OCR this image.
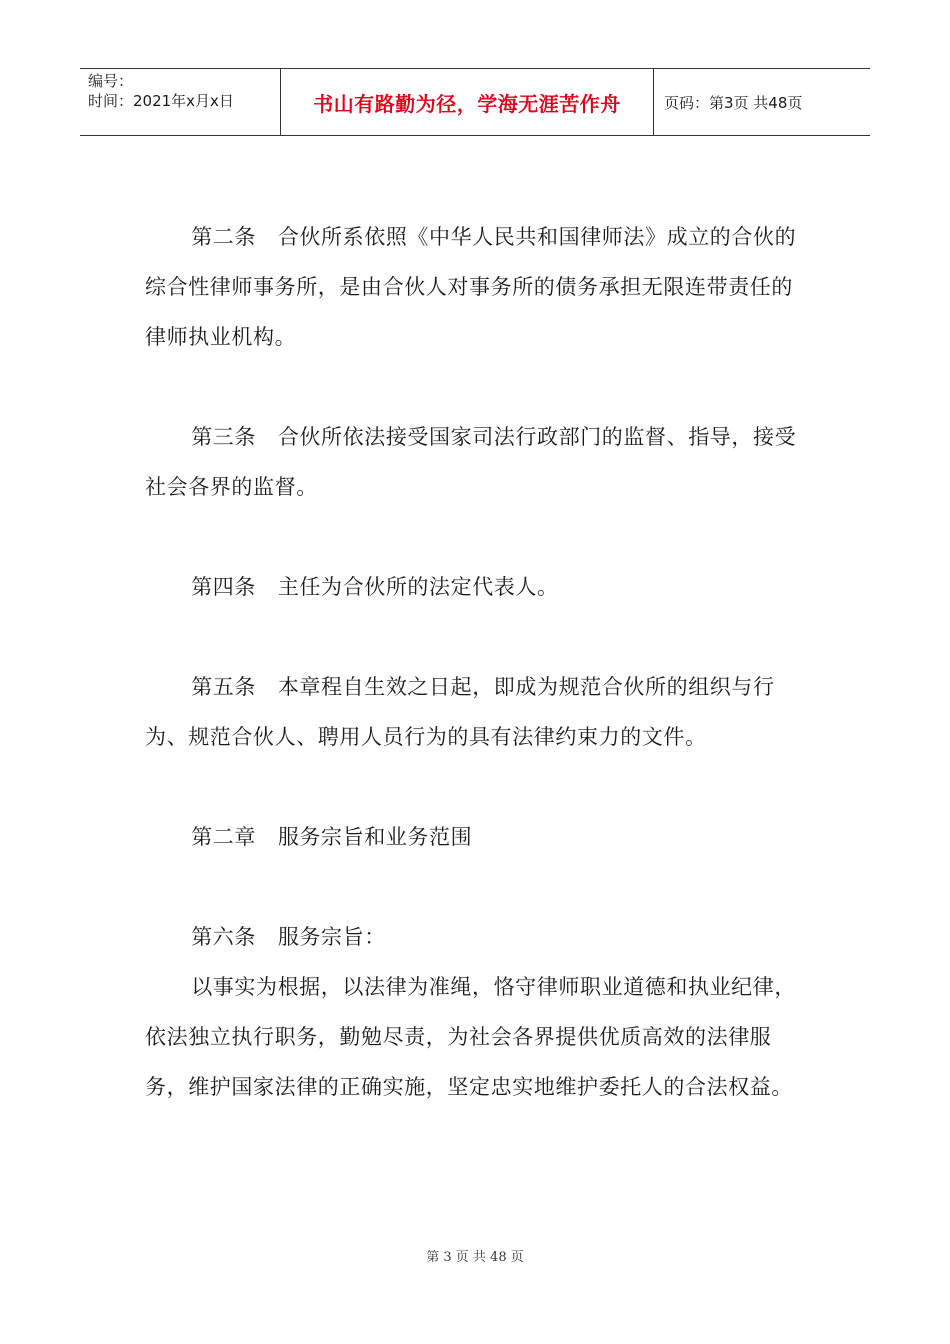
编号：
时间：2021年x月x日	书山有路勤为径，学海无涯苦作舟	页码：第3页 共48页

第二条   合伙所系依照《中华人民共和国律师法》成立的合伙的综合性律师事务所，是由合伙人对事务所的债务承担无限连带责任的律师执业机构。

第三条   合伙所依法接受国家司法行政部门的监督、指导，接受社会各界的监督。

第四条   主任为合伙所的法定代表人。

第五条   本章程自生效之日起，即成为规范合伙所的组织与行为、规范合伙人、聘用人员行为的具有法律约束力的文件。

第二章   服务宗旨和业务范围

第六条   服务宗旨：

以事实为根据，以法律为准绳，恪守律师职业道德和执业纪律，依法独立执行职务，勤勉尽责，为社会各界提供优质高效的法律服务，维护国家法律的正确实施，坚定忠实地维护委托人的合法权益。

第 3 页 共 48 页
